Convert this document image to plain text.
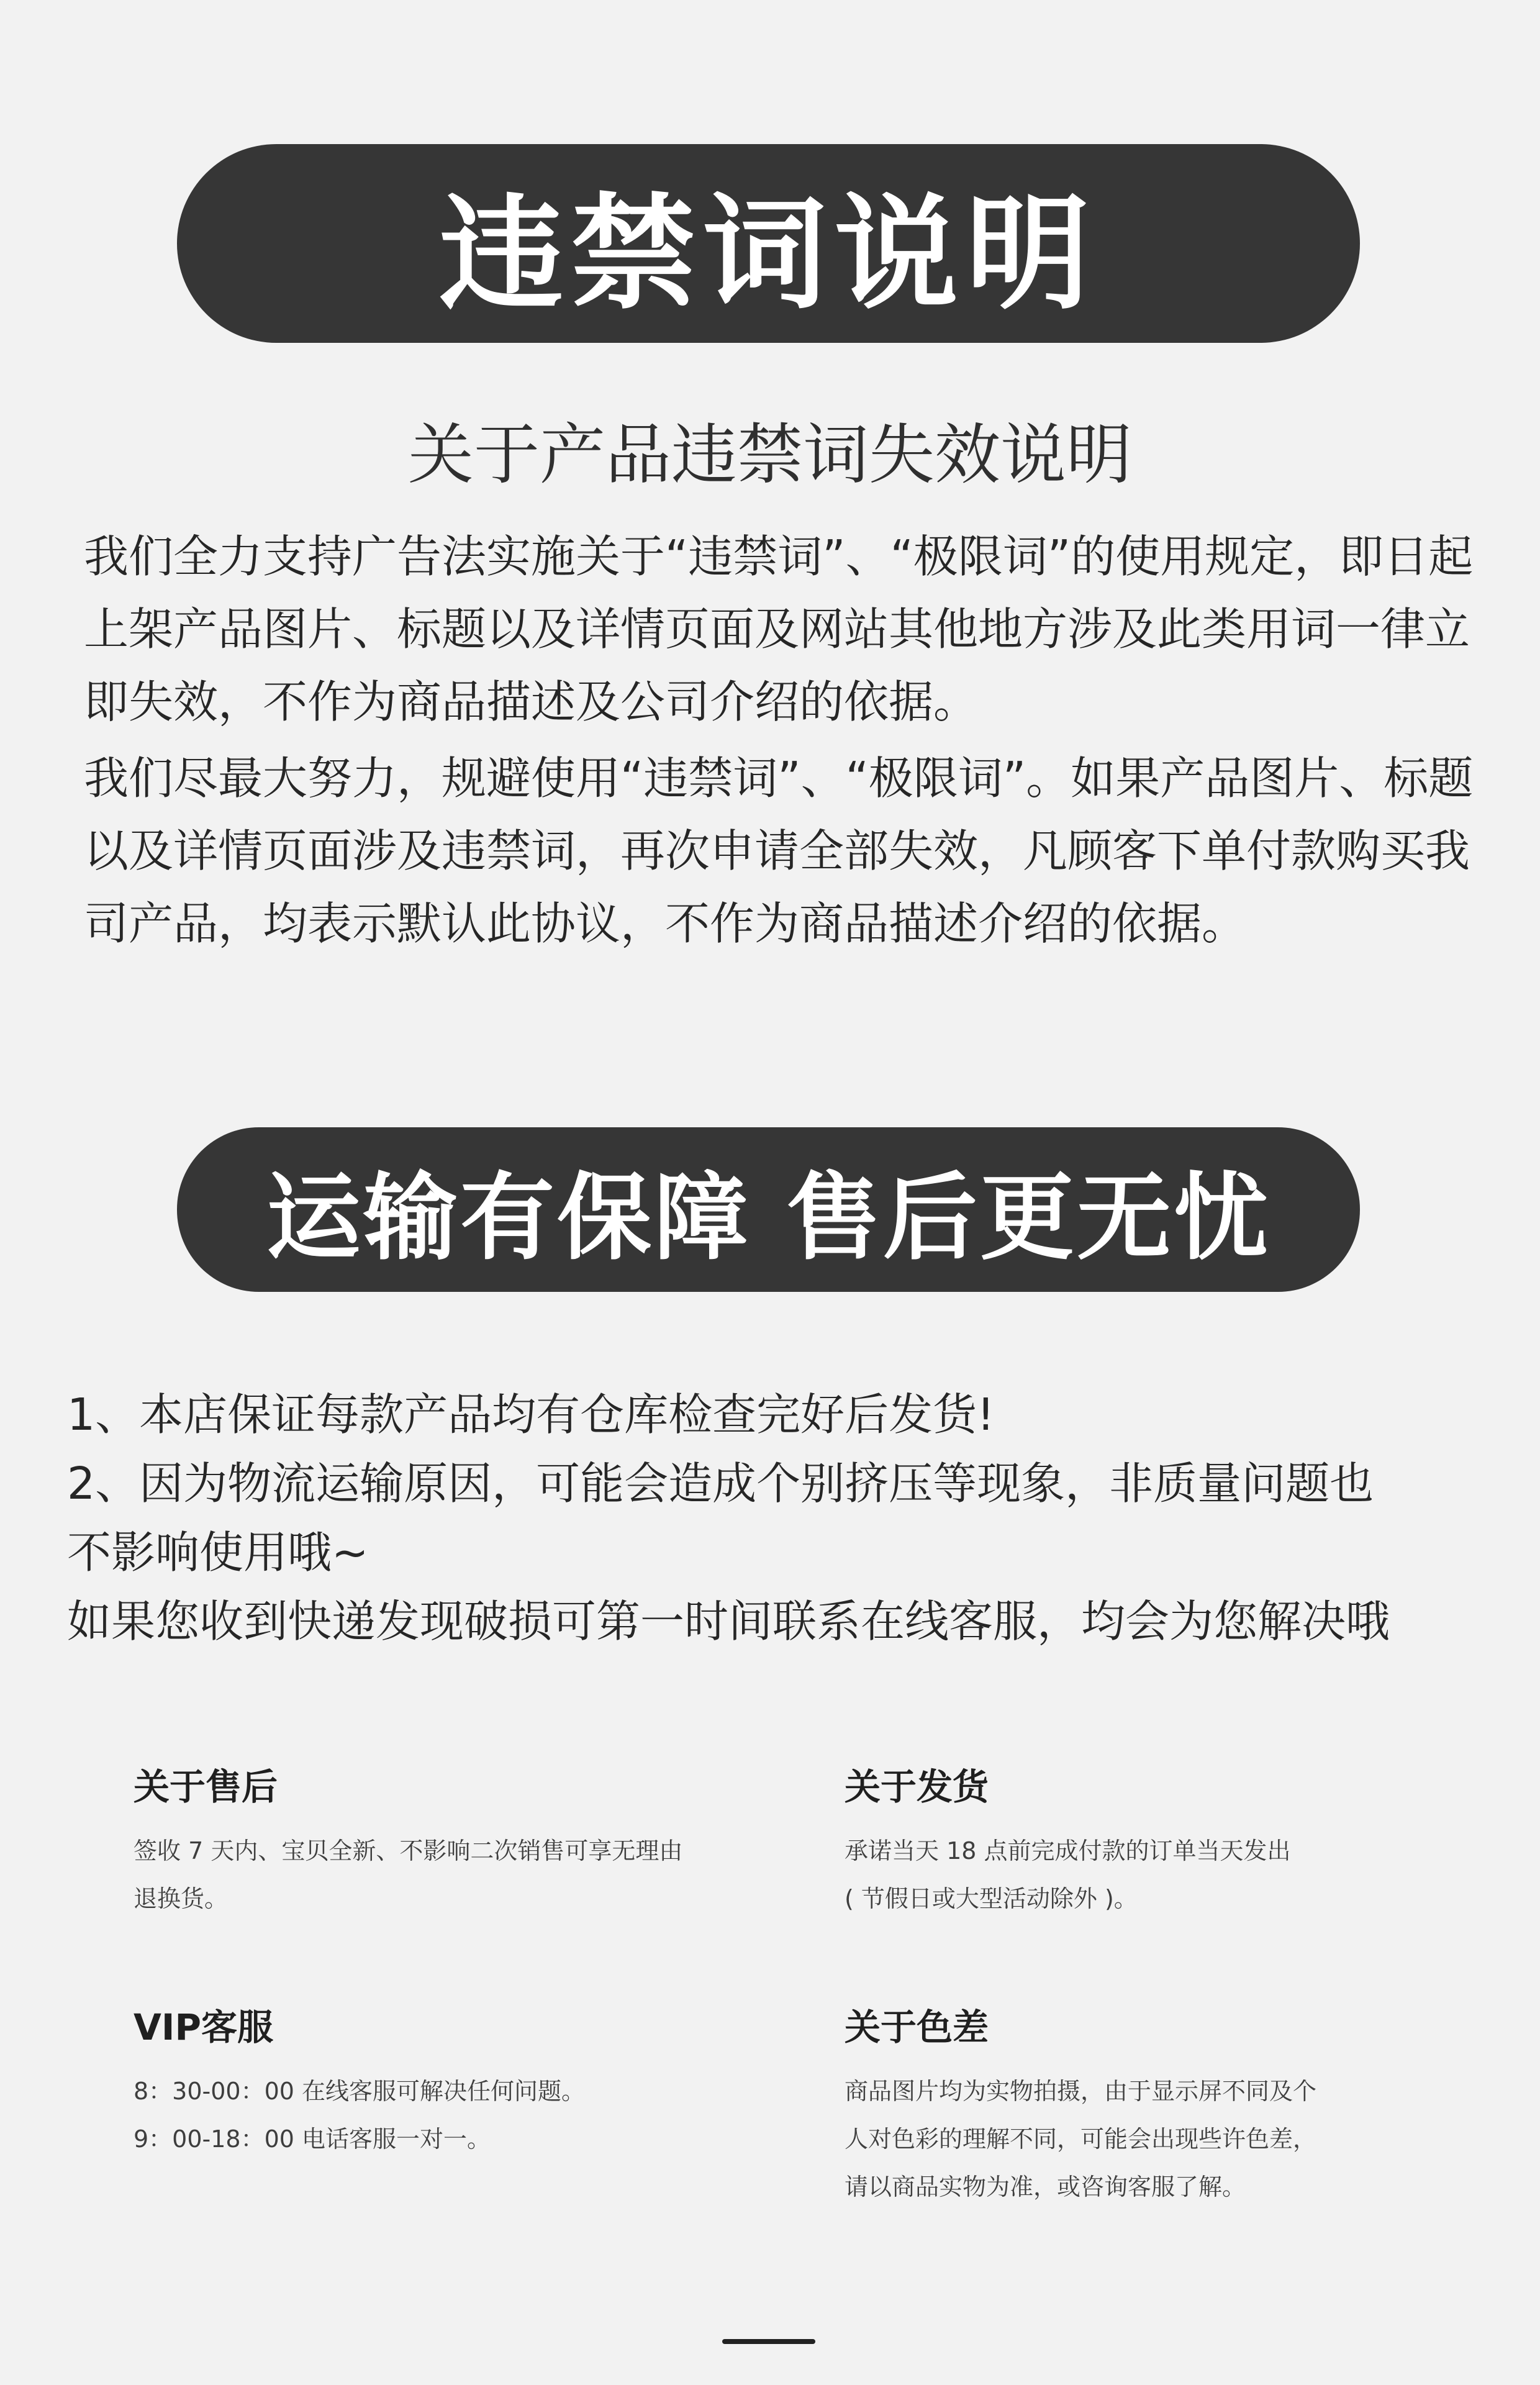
违禁词说明
关于产品违禁词失效说明

我们全力支持广告法实施关于“违禁词”、“极限词”的使用规定，即日起上架产品图片、标题以及详情页面及网站其他地方涉及此类用词一律立即失效，不作为商品描述及公司介绍的依据。

我们尽最大努力，规避使用“违禁词”、“极限词”。如果产品图片、标题以及详情页面涉及违禁词，再次申请全部失效，凡顾客下单付款购买我司产品，均表示默认此协议，不作为商品描述介绍的依据。

运输有保障 售后更无忧

1、本店保证每款产品均有仓库检查完好后发货!

2、因为物流运输原因，可能会造成个别挤压等现象，非质量问题也

不影响使用哦~

如果您收到快递发现破损可第一时间联系在线客服，均会为您解决哦

关于售后

签收 7 天内、宝贝全新、不影响二次销售可享无理由

退换货。

关于发货

承诺当天 18 点前完成付款的订单当天发出

( 节假日或大型活动除外 )。

VIP客服

8：30-00：00 在线客服可解决任何问题。

9：00-18：00 电话客服一对一。

关于色差

商品图片均为实物拍摄，由于显示屏不同及个

人对色彩的理解不同，可能会出现些许色差，

请以商品实物为准，或咨询客服了解。
